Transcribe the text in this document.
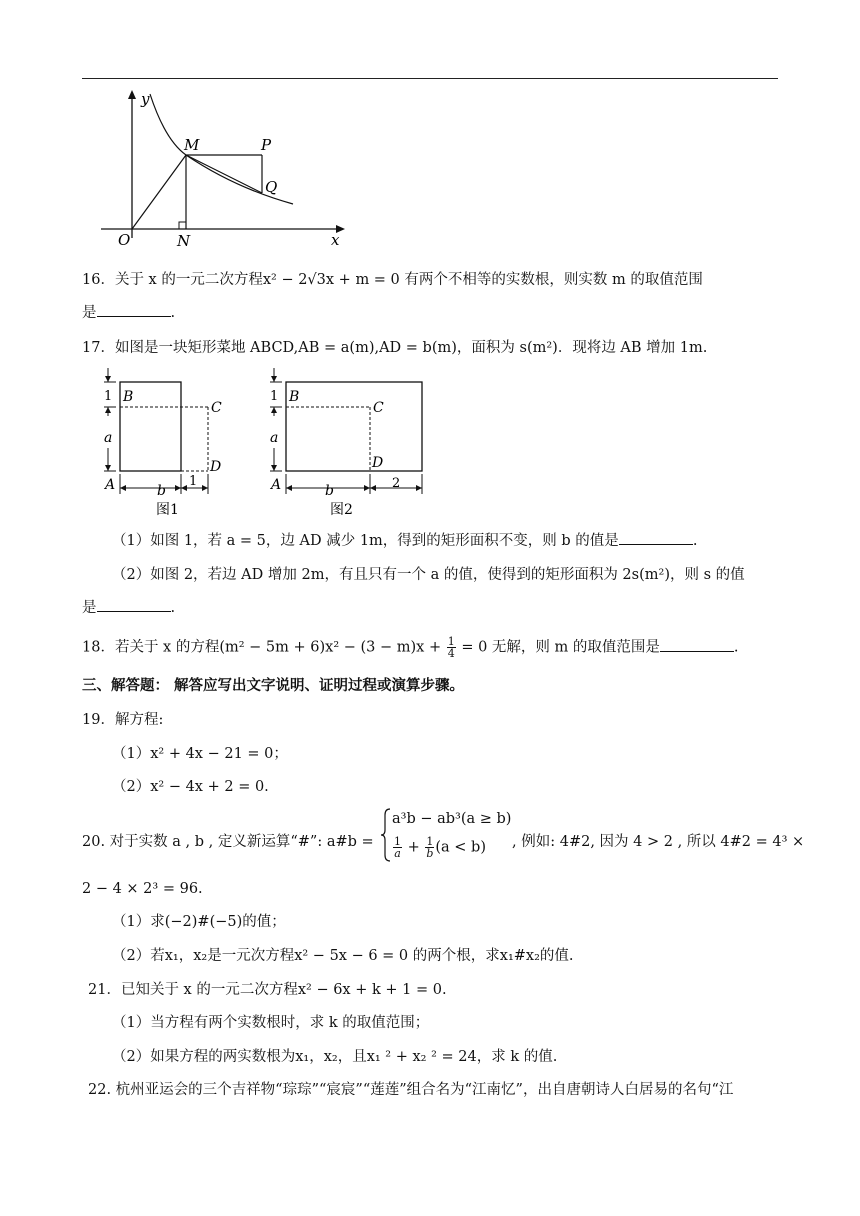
y
x
O
M	P
Q
N
16．关于 x 的一元二次方程x² − 2√3x + m = 0 有两个不相等的实数根，则实数 m 的取值范围
是	.
17．如图是一块矩形菜地 ABCD,AB = a(m),AD = b(m)，面积为 s(m²)．现将边 AB 增加 1m.
1
a
B
C
D
A	b
1
图1
1
a
B
C
D
A	b	2
图2
（1）如图 1，若 a = 5，边 AD 减少 1m，得到的矩形面积不变，则 b 的值是	.
（2）如图 2，若边 AD 增加 2m，有且只有一个 a 的值，使得到的矩形面积为 2s(m²)，则 s 的值
是	.
18．若关于 x 的方程$(m^2 - 5m + 6)x^2 - (3 - m)x + \frac{1}{4} = 0$ 无解，则 m 的取值范围是	.
三、解答题： 解答应写出文字说明、证明过程或演算步骤。
19．解方程:
（1）x² + 4x − 21 = 0；
（2）x² − 4x + 2 = 0.
20. 对于实数 a , b , 定义新运算“#”: a#b =
a³b − ab³(a ≥ b)
$\frac{1}{a} + \frac{1}{b} (a < b)$ , 例如: 4#2, 因为 4 > 2 , 所以 4#2 = 4³ ×
2 − 4 × 2³ = 96.
（1）求(−2)#(−5)的值；
（2）若x₁，x₂是一元次方程x² − 5x − 6 = 0 的两个根，求x₁#x₂的值.
21．已知关于 x 的一元二次方程x² − 6x + k + 1 = 0.
（1）当方程有两个实数根时，求 k 的取值范围；
（2）如果方程的两实数根为x₁，x₂，且x₁ ² + x₂ ² = 24，求 k 的值.
22. 杭州亚运会的三个吉祥物“琮琮”“宸宸”“莲莲”组合名为“江南忆”，出自唐朝诗人白居易的名句“江
